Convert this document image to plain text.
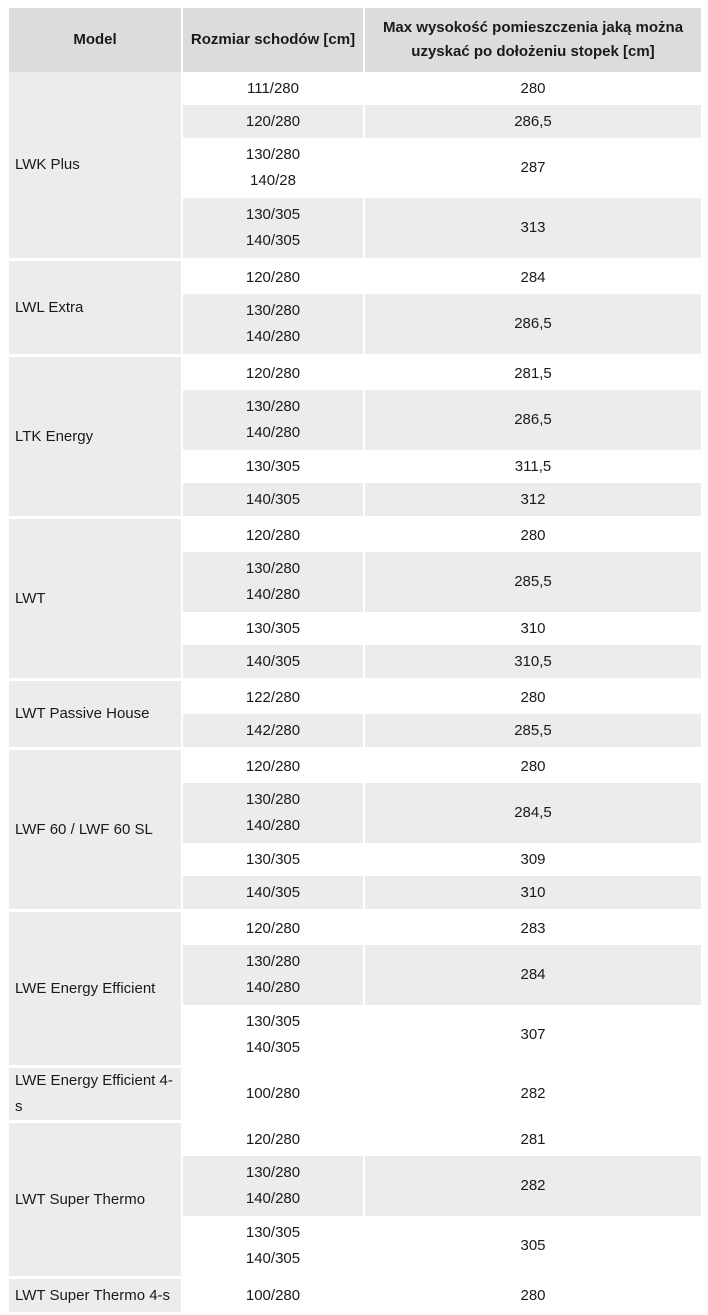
Model	Rozmiar schodów [cm]	Max wysokość pomieszczenia jaką można
uzyskać po dołożeniu stopek [cm]

LWK Plus	111/280	280

	120/280	286,5

	130/280
140/28	287

	130/305
140/305	313
LWL Extra	120/280	284

	130/280
140/280	286,5
LTK Energy	120/280	281,5

	130/280
140/280	286,5

	130/305	311,5

	140/305	312
LWT	120/280	280

	130/280
140/280	285,5

	130/305	310

	140/305	310,5
LWT Passive House	122/280	280

	142/280	285,5
LWF 60 / LWF 60 SL	120/280	280

	130/280
140/280	284,5

	130/305	309

	140/305	310
LWE Energy Efficient	120/280	283

	130/280
140/280	284

	130/305
140/305	307
LWE Energy Efficient 4-s	100/280	282
LWT Super Thermo	120/280	281

	130/280
140/280	282

	130/305
140/305	305
LWT Super Thermo 4-s	100/280	280
